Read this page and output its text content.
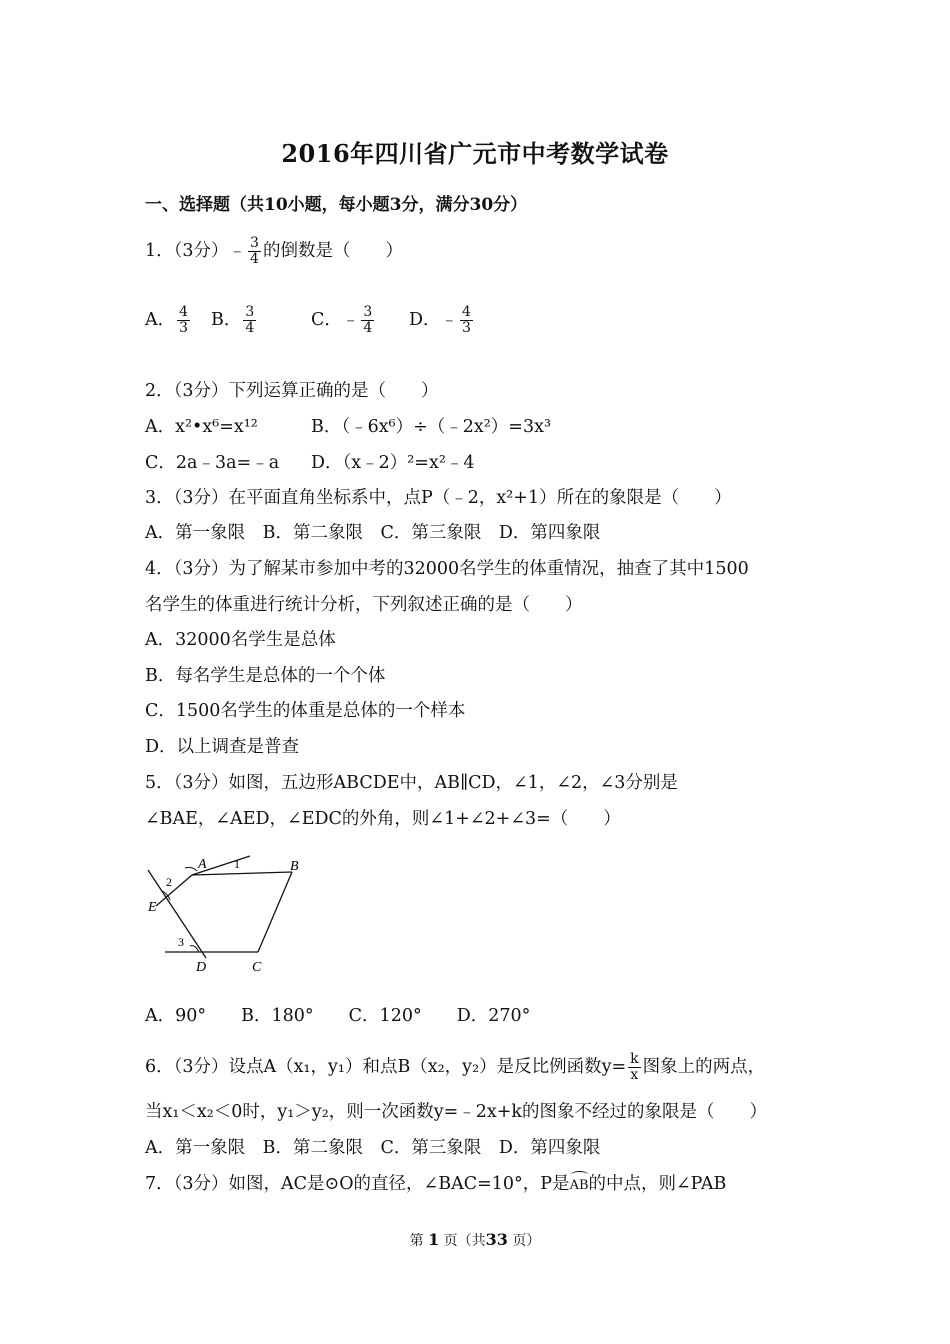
2016年四川省广元市中考数学试卷
一、选择题（共10小题，每小题3分，满分30分）
1．（3分）﹣ $\frac{3}{4}$ 的倒数是（　　）
A． $\frac{4}{3}$ B． $\frac{3}{4}$	C．﹣ $\frac{3}{4}$ D．﹣ $\frac{4}{3}$
2．（3分）下列运算正确的是（　　）
A．x²•x⁶=x¹²	B．（﹣6x⁶）÷（﹣2x²）=3x³
C．2a﹣3a=﹣a D．（x﹣2）²=x²﹣4
3．（3分）在平面直角坐标系中，点P（﹣2，x²+1）所在的象限是（　　）
A．第一象限　B．第二象限　C．第三象限　D．第四象限
4．（3分）为了解某市参加中考的32000名学生的体重情况，抽查了其中1500
名学生的体重进行统计分析，下列叙述正确的是（　　）
A．32000名学生是总体
B．每名学生是总体的一个个体
C．1500名学生的体重是总体的一个样本
D．以上调查是普查
5．（3分）如图，五边形ABCDE中，AB∥CD，∠1，∠2，∠3分别是
∠BAE，∠AED，∠EDC的外角，则∠1+∠2+∠3=（　　）
A	B
C
D
E
1
2
3
A．90°　　B．180°　　C．120°　　D．270°
6．（3分）设点A（x₁，y₁）和点B（x₂，y₂）是反比例函数$y= \frac{k}{x}$ 图象上的两点，
当x₁＜x₂＜0时，y₁＞y₂，则一次函数y=﹣2x+k的图象不经过的象限是（　　）
A．第一象限　B．第二象限　C．第三象限　D．第四象限
7．（3分）如图，AC是⊙O的直径，∠BAC=10°，P是AB的中点，则∠PAB
第 1 页（共33 页）
